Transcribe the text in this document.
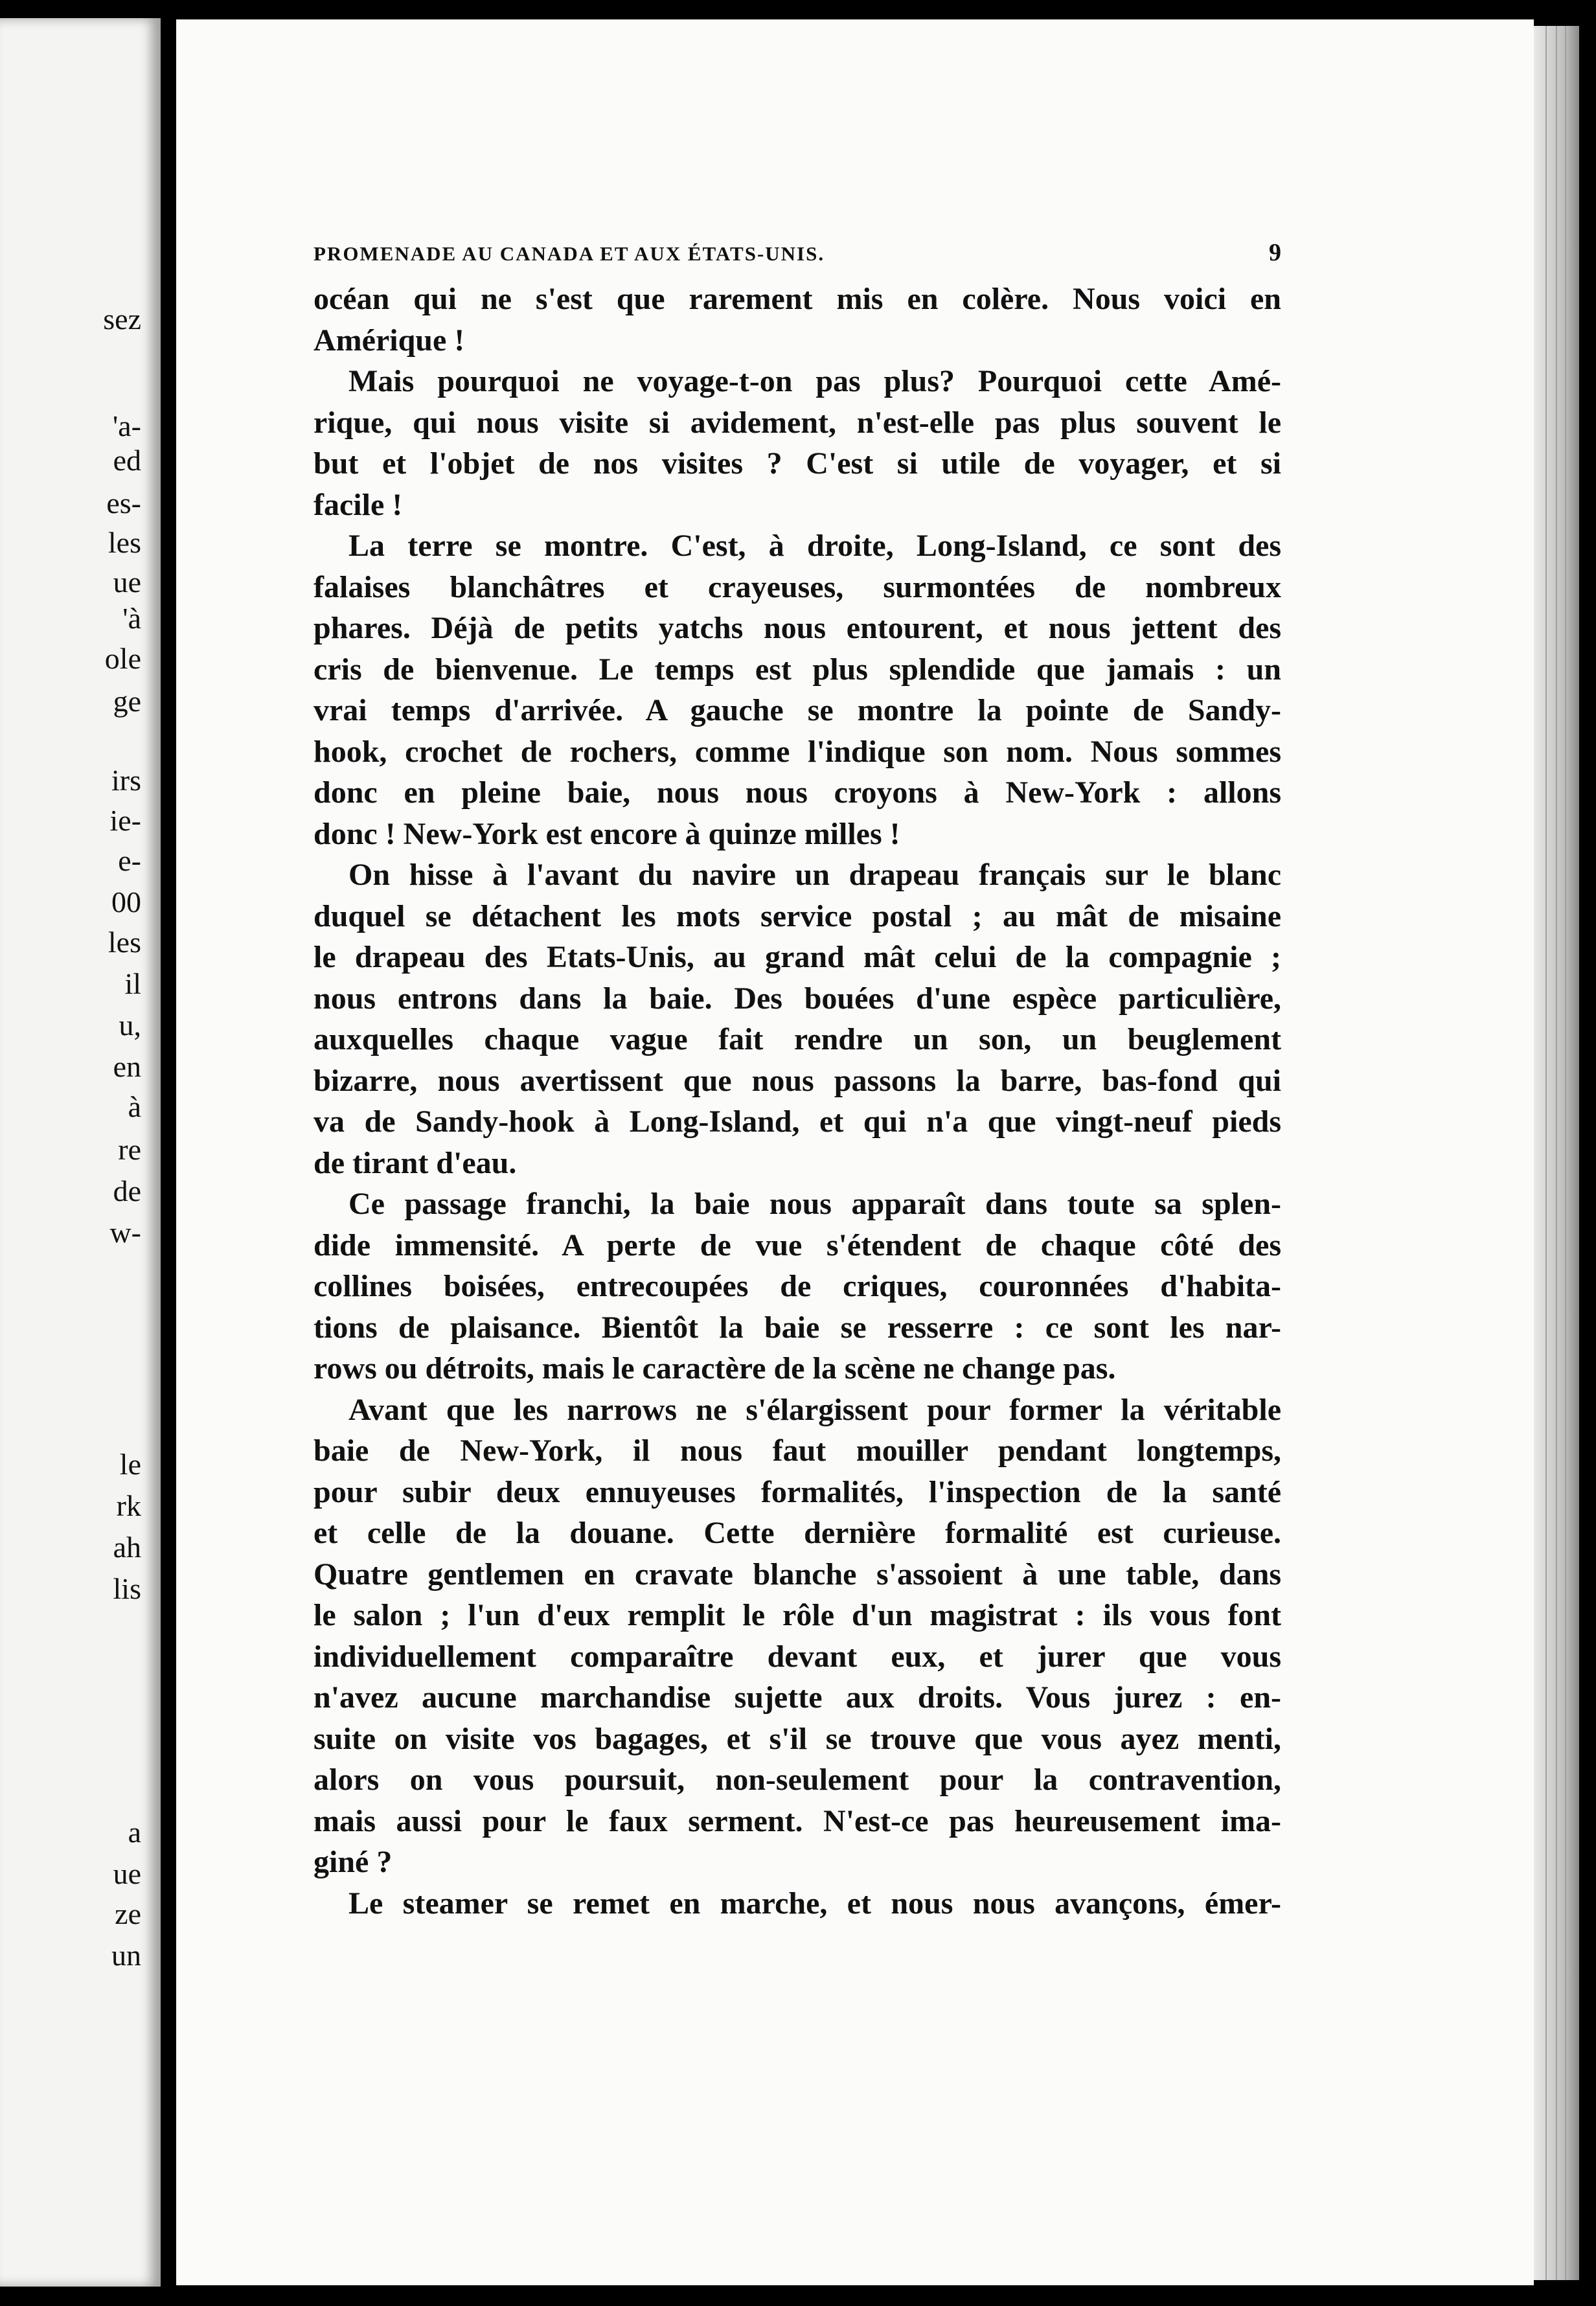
sez
'a-
ed
es-
les
ue
'à
ole
ge
irs
ie-
e-
00
les
il
u,
en
à
re
de
w-
le
rk
ah
lis
a
ue
ze
un
PROMENADE AU CANADA ET AUX ÉTATS-UNIS.	9
océan qui ne s'est que rarement mis en colère. Nous voici en
Amérique !
Mais pourquoi ne voyage-t-on pas plus? Pourquoi cette Amé-
rique, qui nous visite si avidement, n'est-elle pas plus souvent le
but et l'objet de nos visites ? C'est si utile de voyager, et si
facile !
La terre se montre. C'est, à droite, Long-Island, ce sont des
falaises blanchâtres et crayeuses, surmontées de nombreux
phares. Déjà de petits yatchs nous entourent, et nous jettent des
cris de bienvenue. Le temps est plus splendide que jamais : un
vrai temps d'arrivée. A gauche se montre la pointe de Sandy-
hook, crochet de rochers, comme l'indique son nom. Nous sommes
donc en pleine baie, nous nous croyons à New-York : allons
donc ! New-York est encore à quinze milles !
On hisse à l'avant du navire un drapeau français sur le blanc
duquel se détachent les mots service postal ; au mât de misaine
le drapeau des Etats-Unis, au grand mât celui de la compagnie ;
nous entrons dans la baie. Des bouées d'une espèce particulière,
auxquelles chaque vague fait rendre un son, un beuglement
bizarre, nous avertissent que nous passons la barre, bas-fond qui
va de Sandy-hook à Long-Island, et qui n'a que vingt-neuf pieds
de tirant d'eau.
Ce passage franchi, la baie nous apparaît dans toute sa splen-
dide immensité. A perte de vue s'étendent de chaque côté des
collines boisées, entrecoupées de criques, couronnées d'habita-
tions de plaisance. Bientôt la baie se resserre : ce sont les nar-
rows ou détroits, mais le caractère de la scène ne change pas.
Avant que les narrows ne s'élargissent pour former la véritable
baie de New-York, il nous faut mouiller pendant longtemps,
pour subir deux ennuyeuses formalités, l'inspection de la santé
et celle de la douane. Cette dernière formalité est curieuse.
Quatre gentlemen en cravate blanche s'assoient à une table, dans
le salon ; l'un d'eux remplit le rôle d'un magistrat : ils vous font
individuellement comparaître devant eux, et jurer que vous
n'avez aucune marchandise sujette aux droits. Vous jurez : en-
suite on visite vos bagages, et s'il se trouve que vous ayez menti,
alors on vous poursuit, non-seulement pour la contravention,
mais aussi pour le faux serment. N'est-ce pas heureusement ima-
giné ?
Le steamer se remet en marche, et nous nous avançons, émer-
